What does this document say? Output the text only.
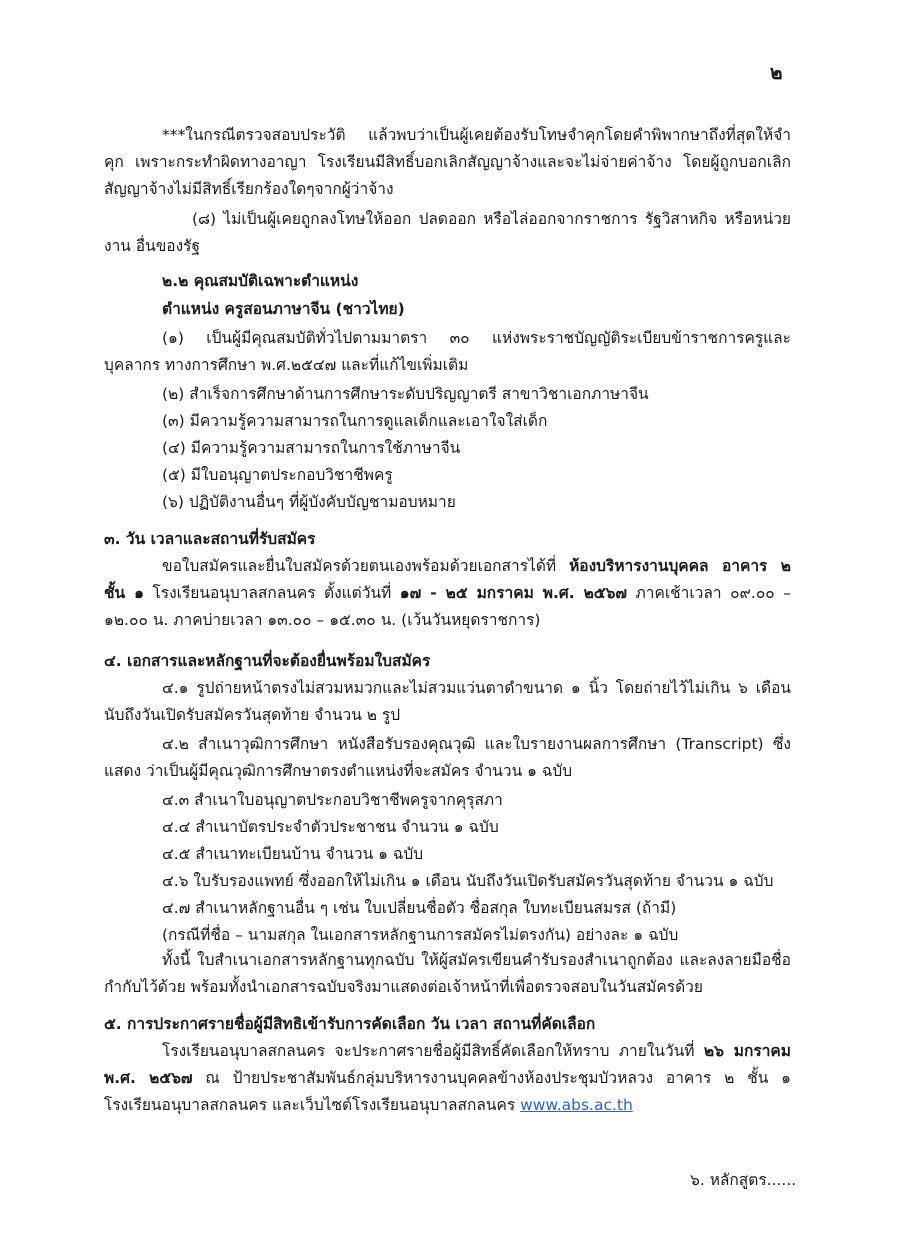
๒
***ในกรณีตรวจสอบประวัติ แล้วพบว่าเป็นผู้เคยต้องรับโทษจำคุกโดยคำพิพากษาถึงที่สุดให้จำคุก เพราะกระทำผิดทางอาญา โรงเรียนมีสิทธิ์บอกเลิกสัญญาจ้างและจะไม่จ่ายค่าจ้าง โดยผู้ถูกบอกเลิกสัญญาจ้างไม่มีสิทธิ์เรียกร้องใดๆจากผู้ว่าจ้าง
(๘) ไม่เป็นผู้เคยถูกลงโทษให้ออก ปลดออก หรือไล่ออกจากราชการ รัฐวิสาหกิจ หรือหน่วยงาน อื่นของรัฐ
๒.๒ คุณสมบัติเฉพาะตำแหน่ง
ตำแหน่ง ครูสอนภาษาจีน (ชาวไทย)
(๑) เป็นผู้มีคุณสมบัติทั่วไปตามมาตรา ๓๐ แห่งพระราชบัญญัติระเบียบข้าราชการครูและบุคลากร ทางการศึกษา พ.ศ.๒๕๔๗ และที่แก้ไขเพิ่มเติม
(๒) สำเร็จการศึกษาด้านการศึกษาระดับปริญญาตรี สาขาวิชาเอกภาษาจีน
(๓) มีความรู้ความสามารถในการดูแลเด็กและเอาใจใส่เด็ก
(๔) มีความรู้ความสามารถในการใช้ภาษาจีน
(๕) มีใบอนุญาตประกอบวิชาชีพครู
(๖) ปฏิบัติงานอื่นๆ ที่ผู้บังคับบัญชามอบหมาย
๓. วัน เวลาและสถานที่รับสมัคร
ขอใบสมัครและยื่นใบสมัครด้วยตนเองพร้อมด้วยเอกสารได้ที่ ห้องบริหารงานบุคคล อาคาร ๒ ชั้น ๑ โรงเรียนอนุบาลสกลนคร ตั้งแต่วันที่ ๑๗ - ๒๕ มกราคม พ.ศ. ๒๕๖๗ ภาคเช้าเวลา ๐๙.๐๐ – ๑๒.๐๐ น. ภาคบ่ายเวลา ๑๓.๐๐ – ๑๕.๓๐ น. (เว้นวันหยุดราชการ)
๔. เอกสารและหลักฐานที่จะต้องยื่นพร้อมใบสมัคร
๔.๑ รูปถ่ายหน้าตรงไม่สวมหมวกและไม่สวมแว่นตาดำขนาด ๑ นิ้ว โดยถ่ายไว้ไม่เกิน ๖ เดือน นับถึงวันเปิดรับสมัครวันสุดท้าย จำนวน ๒ รูป
๔.๒ สำเนาวุฒิการศึกษา หนังสือรับรองคุณวุฒิ และใบรายงานผลการศึกษา (Transcript) ซึ่งแสดง ว่าเป็นผู้มีคุณวุฒิการศึกษาตรงตำแหน่งที่จะสมัคร จำนวน ๑ ฉบับ
๔.๓ สำเนาใบอนุญาตประกอบวิชาชีพครูจากคุรุสภา
๔.๔ สำเนาบัตรประจำตัวประชาชน จำนวน ๑ ฉบับ
๔.๕ สำเนาทะเบียนบ้าน จำนวน ๑ ฉบับ
๔.๖ ใบรับรองแพทย์ ซึ่งออกให้ไม่เกิน ๑ เดือน นับถึงวันเปิดรับสมัครวันสุดท้าย จำนวน ๑ ฉบับ
๔.๗ สำเนาหลักฐานอื่น ๆ เช่น ใบเปลี่ยนชื่อตัว ชื่อสกุล ใบทะเบียนสมรส (ถ้ามี)
(กรณีที่ชื่อ – นามสกุล ในเอกสารหลักฐานการสมัครไม่ตรงกัน) อย่างละ ๑ ฉบับ
ทั้งนี้ ใบสำเนาเอกสารหลักฐานทุกฉบับ ให้ผู้สมัครเขียนคำรับรองสำเนาถูกต้อง และลงลายมือชื่อ กำกับไว้ด้วย พร้อมทั้งนำเอกสารฉบับจริงมาแสดงต่อเจ้าหน้าที่เพื่อตรวจสอบในวันสมัครด้วย
๕. การประกาศรายชื่อผู้มีสิทธิเข้ารับการคัดเลือก วัน เวลา สถานที่คัดเลือก
โรงเรียนอนุบาลสกลนคร จะประกาศรายชื่อผู้มีสิทธิ์คัดเลือกให้ทราบ ภายในวันที่ ๒๖ มกราคม พ.ศ. ๒๕๖๗ ณ ป้ายประชาสัมพันธ์กลุ่มบริหารงานบุคคลข้างห้องประชุมบัวหลวง อาคาร ๒ ชั้น ๑ โรงเรียนอนุบาลสกลนคร และเว็บไซต์โรงเรียนอนุบาลสกลนคร www.abs.ac.th
๖. หลักสูตร......
